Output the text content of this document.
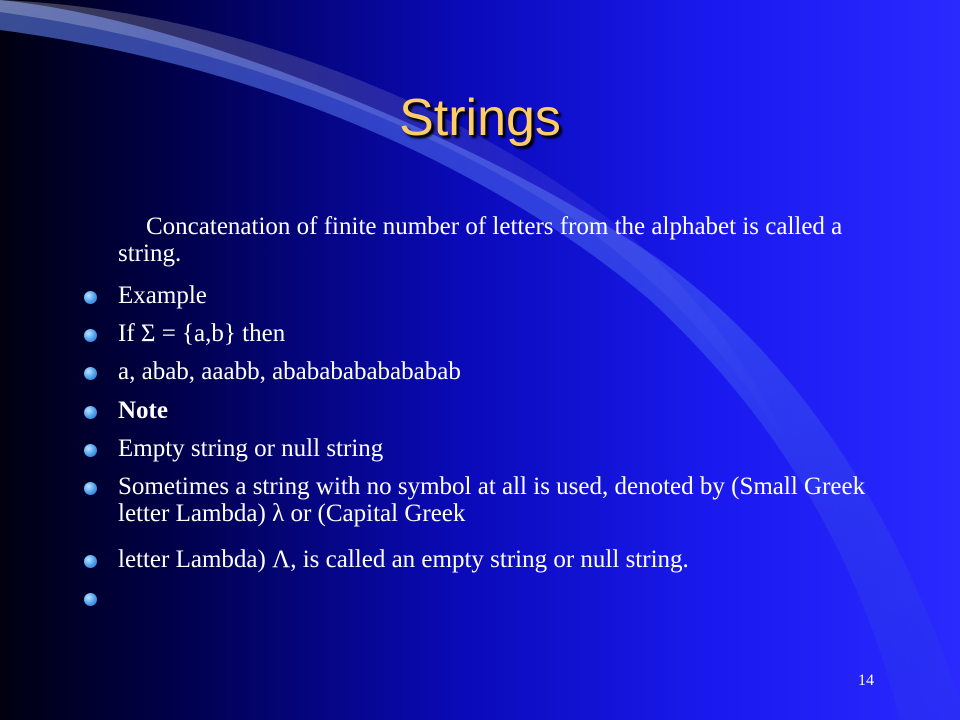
Strings
Concatenation of finite number of letters from the alphabet is called a string.
Example
If Σ = {a,b} then
a, abab, aaabb, abababababababab
Note
Empty string or null string
Sometimes a string with no symbol at all is used, denoted by (Small Greek letter Lambda) λ or (Capital Greek
letter Lambda) Λ, is called an empty string or null string.
14
